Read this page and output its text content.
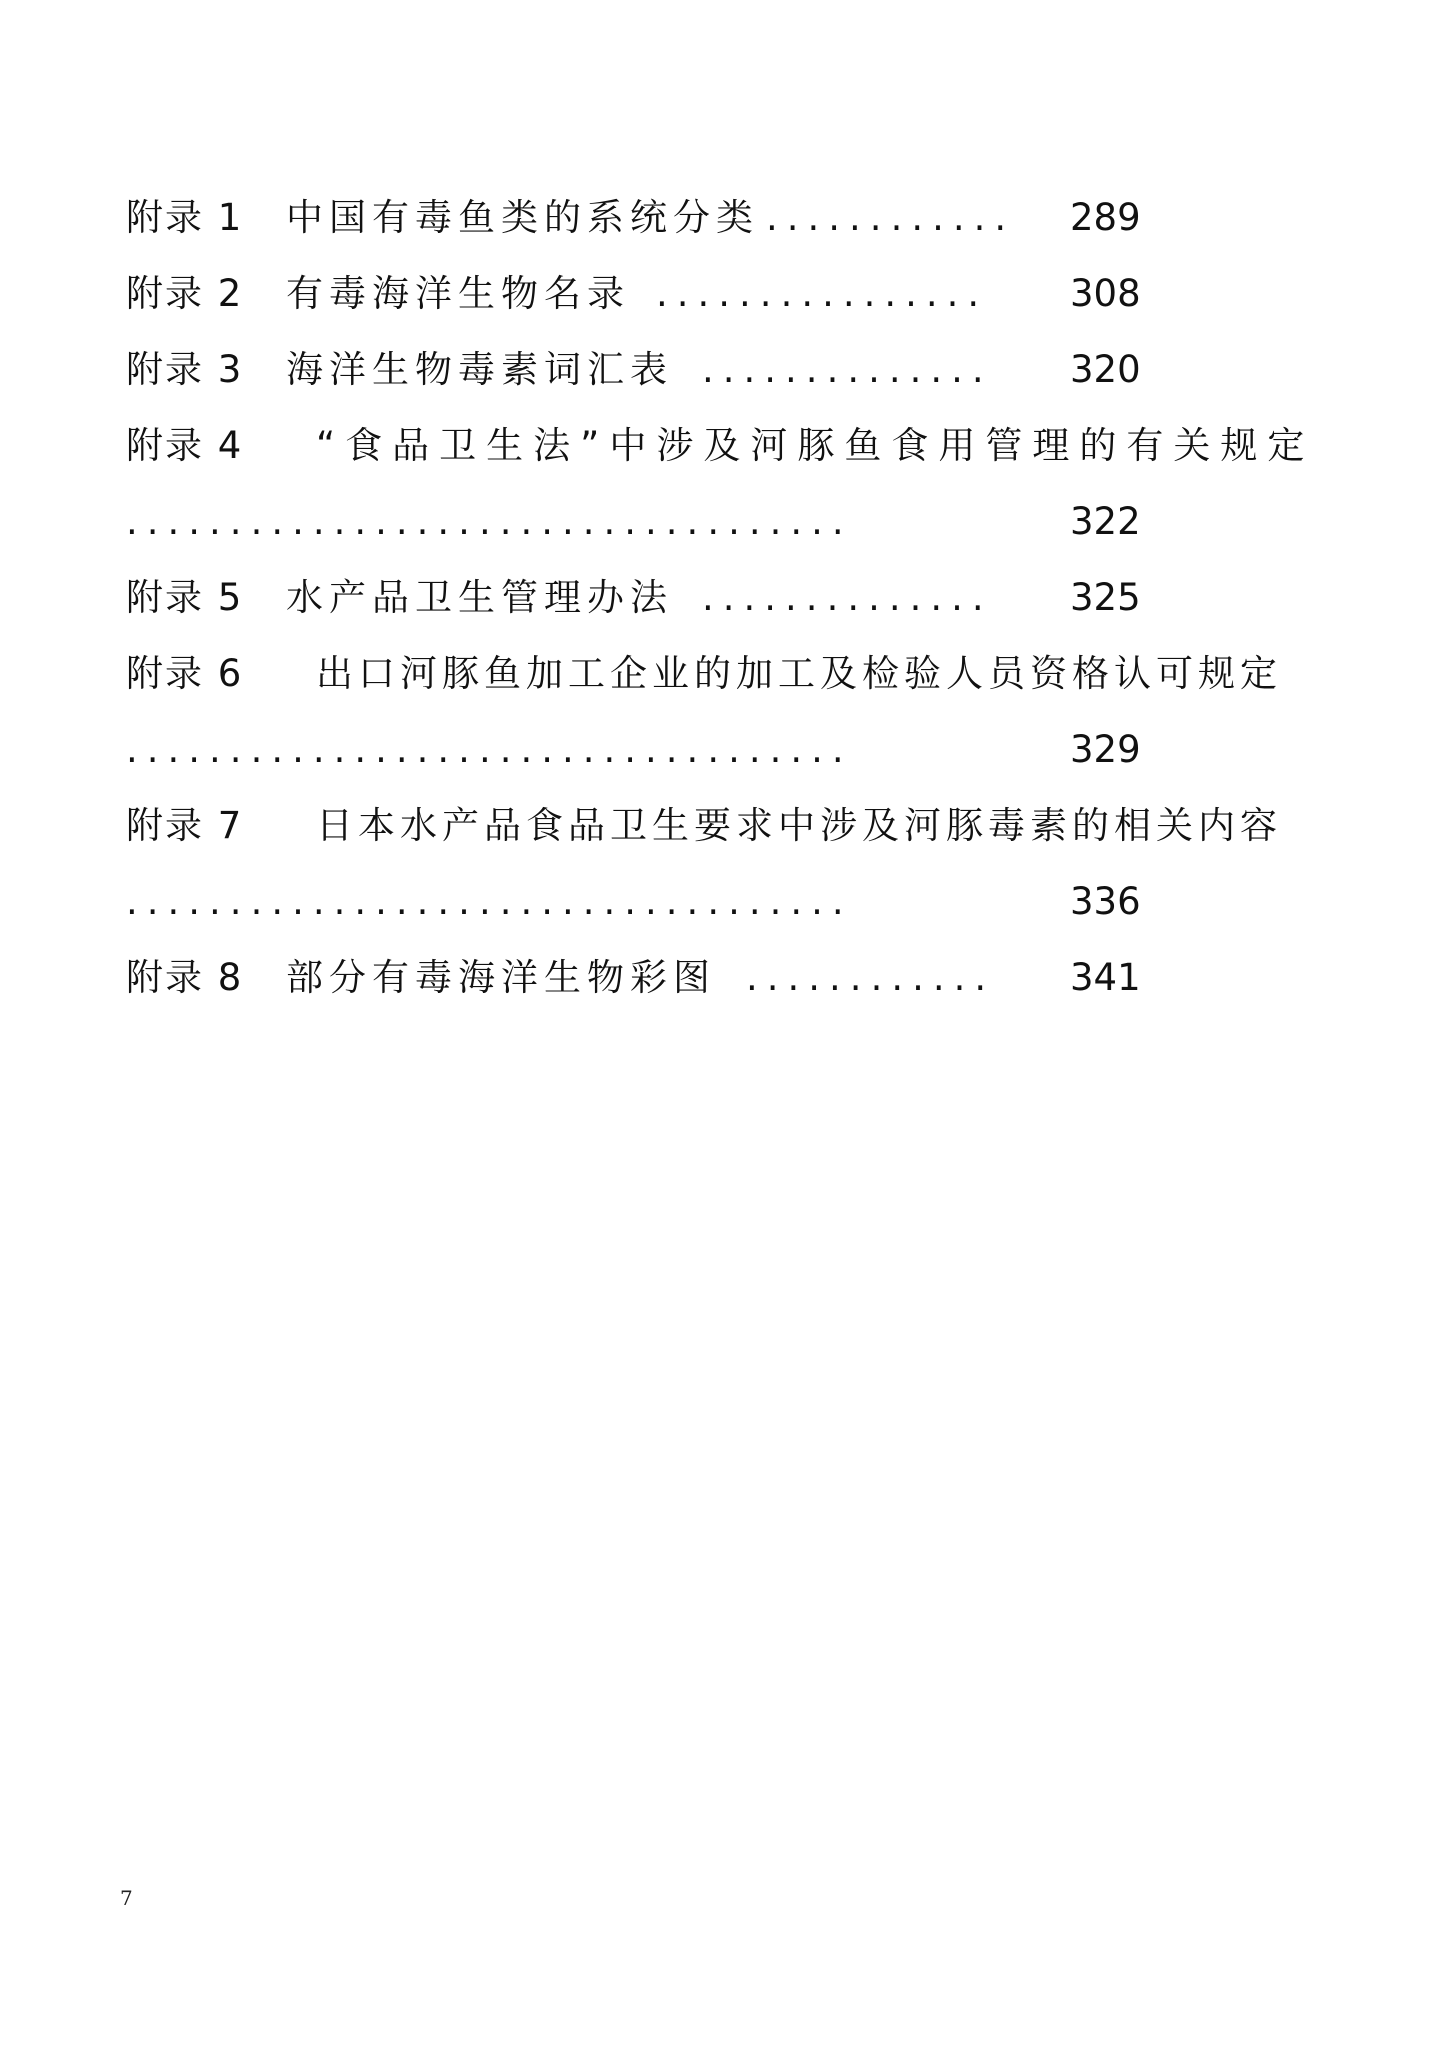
附录 1 中国有毒鱼类的系统分类 ............ 289
附录 2 有毒海洋生物名录 ................ 308
附录 3 海洋生物毒素词汇表 .............. 320
附录 4 “食品卫生法”中涉及河豚鱼食用管理的有关规定
...................................	322
附录 5 水产品卫生管理办法 .............. 325
附录 6 出口河豚鱼加工企业的加工及检验人员资格认可规定
...................................	329
附录 7 日本水产品食品卫生要求中涉及河豚毒素的相关内容
...................................	336
附录 8 部分有毒海洋生物彩图 ............ 341
7
